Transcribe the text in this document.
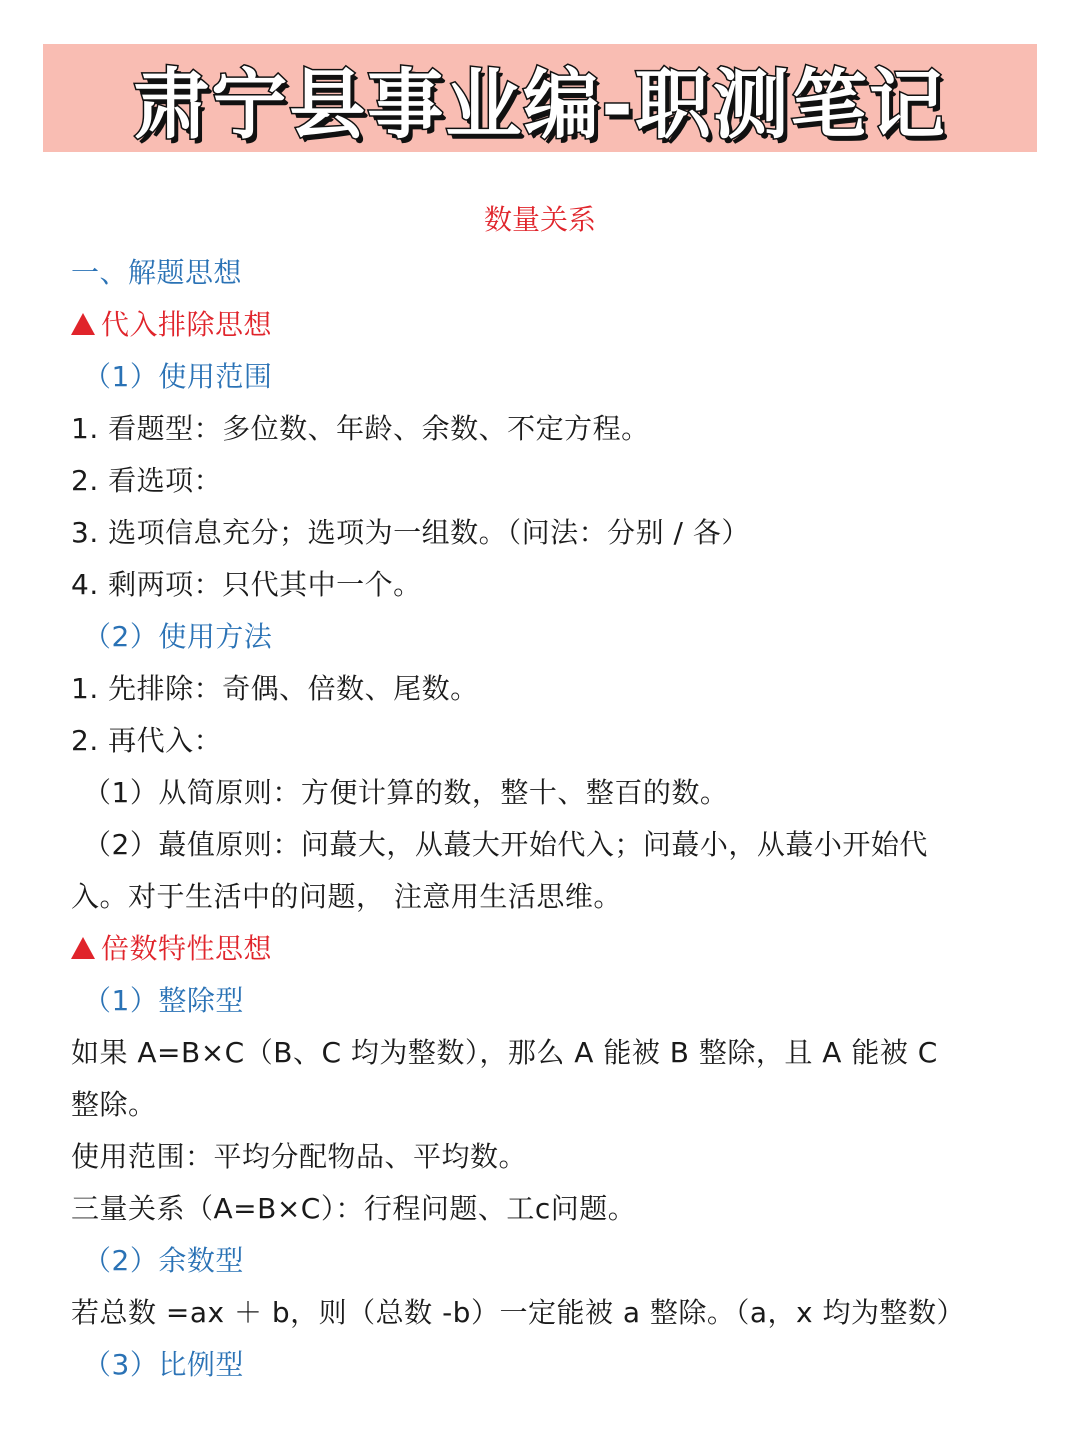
肃宁县事业编-职测笔记
数量关系
一、解题思想
代入排除思想
（1）使用范围
1. 看题型：多位数、年龄、余数、不定方程。
2. 看选项：
3. 选项信息充分；选项为一组数。（问法：分别 / 各）
4. 剩两项：只代其中一个。
（2）使用方法
1. 先排除：奇偶、倍数、尾数。
2. 再代入：
（1）从简原则：方便计算的数，整十、整百的数。
（2）蕞值原则：问蕞大，从蕞大开始代入；问蕞小，从蕞小开始代
入。对于生活中的问题， 注意用生活思维。
倍数特性思想
（1）整除型
如果 A=B×C（B、C 均为整数），那么 A 能被 B 整除，且 A 能被 C
整除。
使用范围：平均分配物品、平均数。
三量关系（A=B×C）：行程问题、工c问题。
（2）余数型
若总数 =ax ＋ b，则（总数 -b）一定能被 a 整除。（a，x 均为整数）
（3）比例型
